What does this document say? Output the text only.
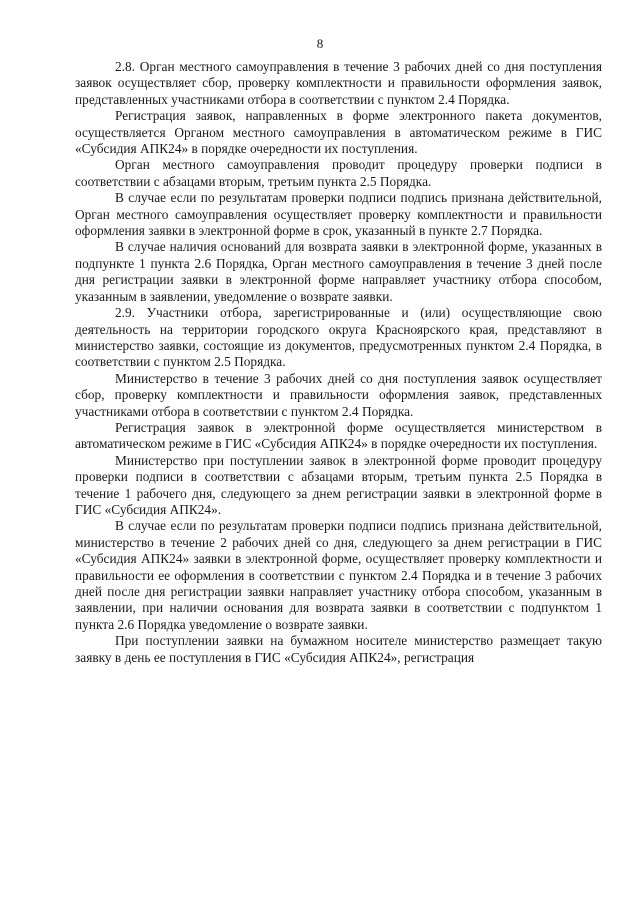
8

2.8. Орган местного самоуправления в течение 3 рабочих дней со дня поступления заявок осуществляет сбор, проверку комплектности и правильности оформления заявок, представленных участниками отбора в соответствии с пунктом 2.4 Порядка.

Регистрация заявок, направленных в форме электронного пакета документов, осуществляется Органом местного самоуправления в автоматическом режиме в ГИС «Субсидия АПК24» в порядке очередности их поступления.

Орган местного самоуправления проводит процедуру проверки подписи в соответствии с абзацами вторым, третьим пункта 2.5 Порядка.

В случае если по результатам проверки подписи подпись признана действительной, Орган местного самоуправления осуществляет проверку комплектности и правильности оформления заявки в электронной форме в срок, указанный в пункте 2.7 Порядка.

В случае наличия оснований для возврата заявки в электронной форме, указанных в подпункте 1 пункта 2.6 Порядка, Орган местного самоуправления в течение 3 дней после дня регистрации заявки в электронной форме направляет участнику отбора способом, указанным в заявлении, уведомление о возврате заявки.

2.9. Участники отбора, зарегистрированные и (или) осуществляющие свою деятельность на территории городского округа Красноярского края, представляют в министерство заявки, состоящие из документов, предусмотренных пунктом 2.4 Порядка, в соответствии с пунктом 2.5 Порядка.

Министерство в течение 3 рабочих дней со дня поступления заявок осуществляет сбор, проверку комплектности и правильности оформления заявок, представленных участниками отбора в соответствии с пунктом 2.4 Порядка.

Регистрация заявок в электронной форме осуществляется министерством в автоматическом режиме в ГИС «Субсидия АПК24» в порядке очередности их поступления.

Министерство при поступлении заявок в электронной форме проводит процедуру проверки подписи в соответствии с абзацами вторым, третьим пункта 2.5 Порядка в течение 1 рабочего дня, следующего за днем регистрации заявки в электронной форме в ГИС «Субсидия АПК24».

В случае если по результатам проверки подписи подпись признана действительной, министерство в течение 2 рабочих дней со дня, следующего за днем регистрации в ГИС «Субсидия АПК24» заявки в электронной форме, осуществляет проверку комплектности и правильности ее оформления в соответствии с пунктом 2.4 Порядка и в течение 3 рабочих дней после дня регистрации заявки направляет участнику отбора способом, указанным в заявлении, при наличии основания для возврата заявки в соответствии с подпунктом 1 пункта 2.6 Порядка уведомление о возврате заявки.

При поступлении заявки на бумажном носителе министерство размещает такую заявку в день ее поступления в ГИС «Субсидия АПК24», регистрация
